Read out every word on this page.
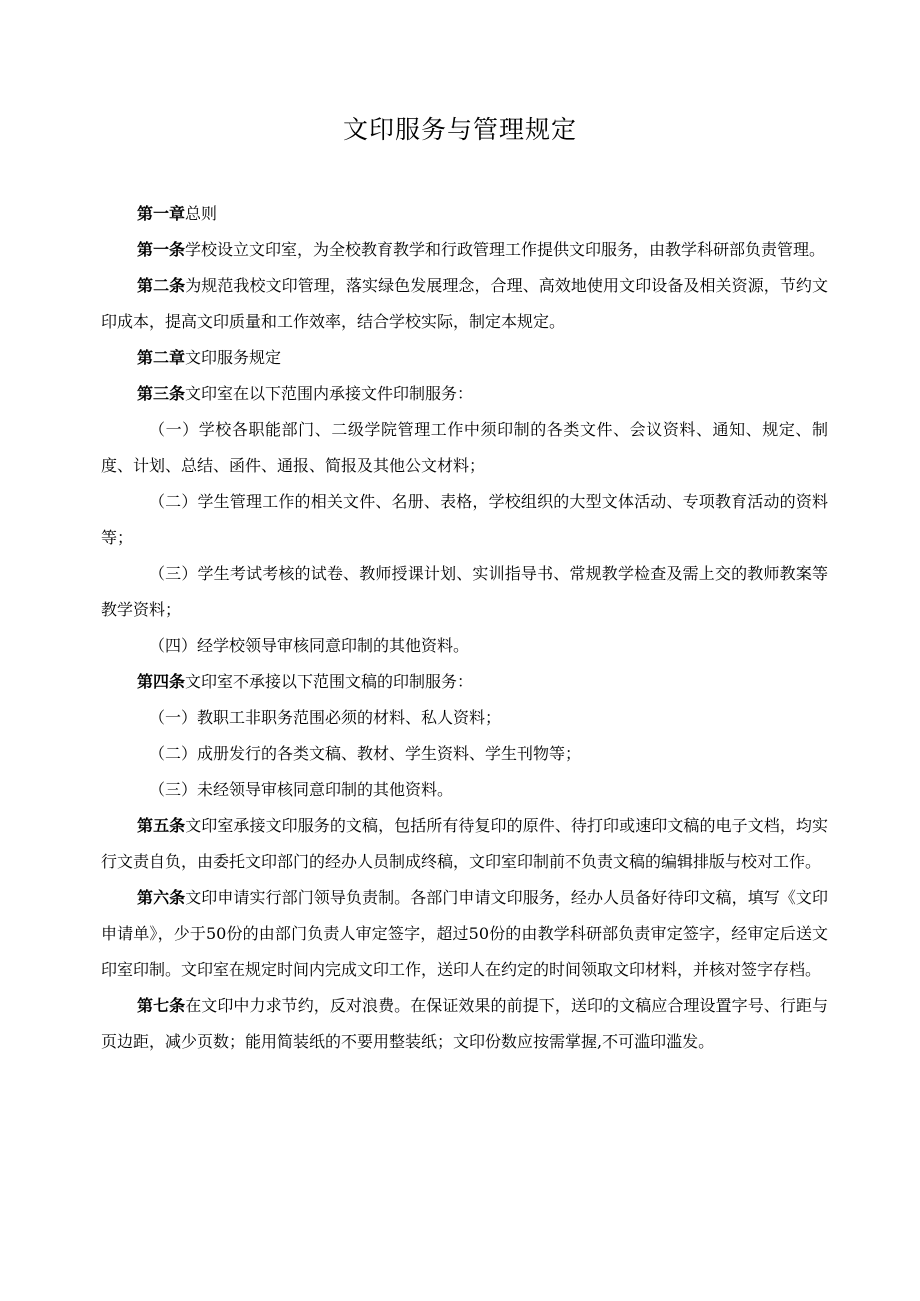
文印服务与管理规定

第一章总则

第一条学校设立文印室，为全校教育教学和行政管理工作提供文印服务，由教学科研部负责管理。

第二条为规范我校文印管理，落实绿色发展理念，合理、高效地使用文印设备及相关资源，节约文印成本，提高文印质量和工作效率，结合学校实际，制定本规定。

第二章文印服务规定

第三条文印室在以下范围内承接文件印制服务：

（一）学校各职能部门、二级学院管理工作中须印制的各类文件、会议资料、通知、规定、制度、计划、总结、函件、通报、简报及其他公文材料；

（二）学生管理工作的相关文件、名册、表格，学校组织的大型文体活动、专项教育活动的资料等；

（三）学生考试考核的试卷、教师授课计划、实训指导书、常规教学检查及需上交的教师教案等教学资料；

（四）经学校领导审核同意印制的其他资料。

第四条文印室不承接以下范围文稿的印制服务：

（一）教职工非职务范围必须的材料、私人资料；

（二）成册发行的各类文稿、教材、学生资料、学生刊物等；

（三）未经领导审核同意印制的其他资料。

第五条文印室承接文印服务的文稿，包括所有待复印的原件、待打印或速印文稿的电子文档，均实行文责自负，由委托文印部门的经办人员制成终稿，文印室印制前不负责文稿的编辑排版与校对工作。

第六条文印申请实行部门领导负责制。各部门申请文印服务，经办人员备好待印文稿，填写《文印申请单》，少于50份的由部门负责人审定签字，超过50份的由教学科研部负责审定签字，经审定后送文印室印制。文印室在规定时间内完成文印工作，送印人在约定的时间领取文印材料，并核对签字存档。

第七条在文印中力求节约，反对浪费。在保证效果的前提下，送印的文稿应合理设置字号、行距与页边距，减少页数；能用简装纸的不要用整装纸；文印份数应按需掌握,不可滥印滥发。
